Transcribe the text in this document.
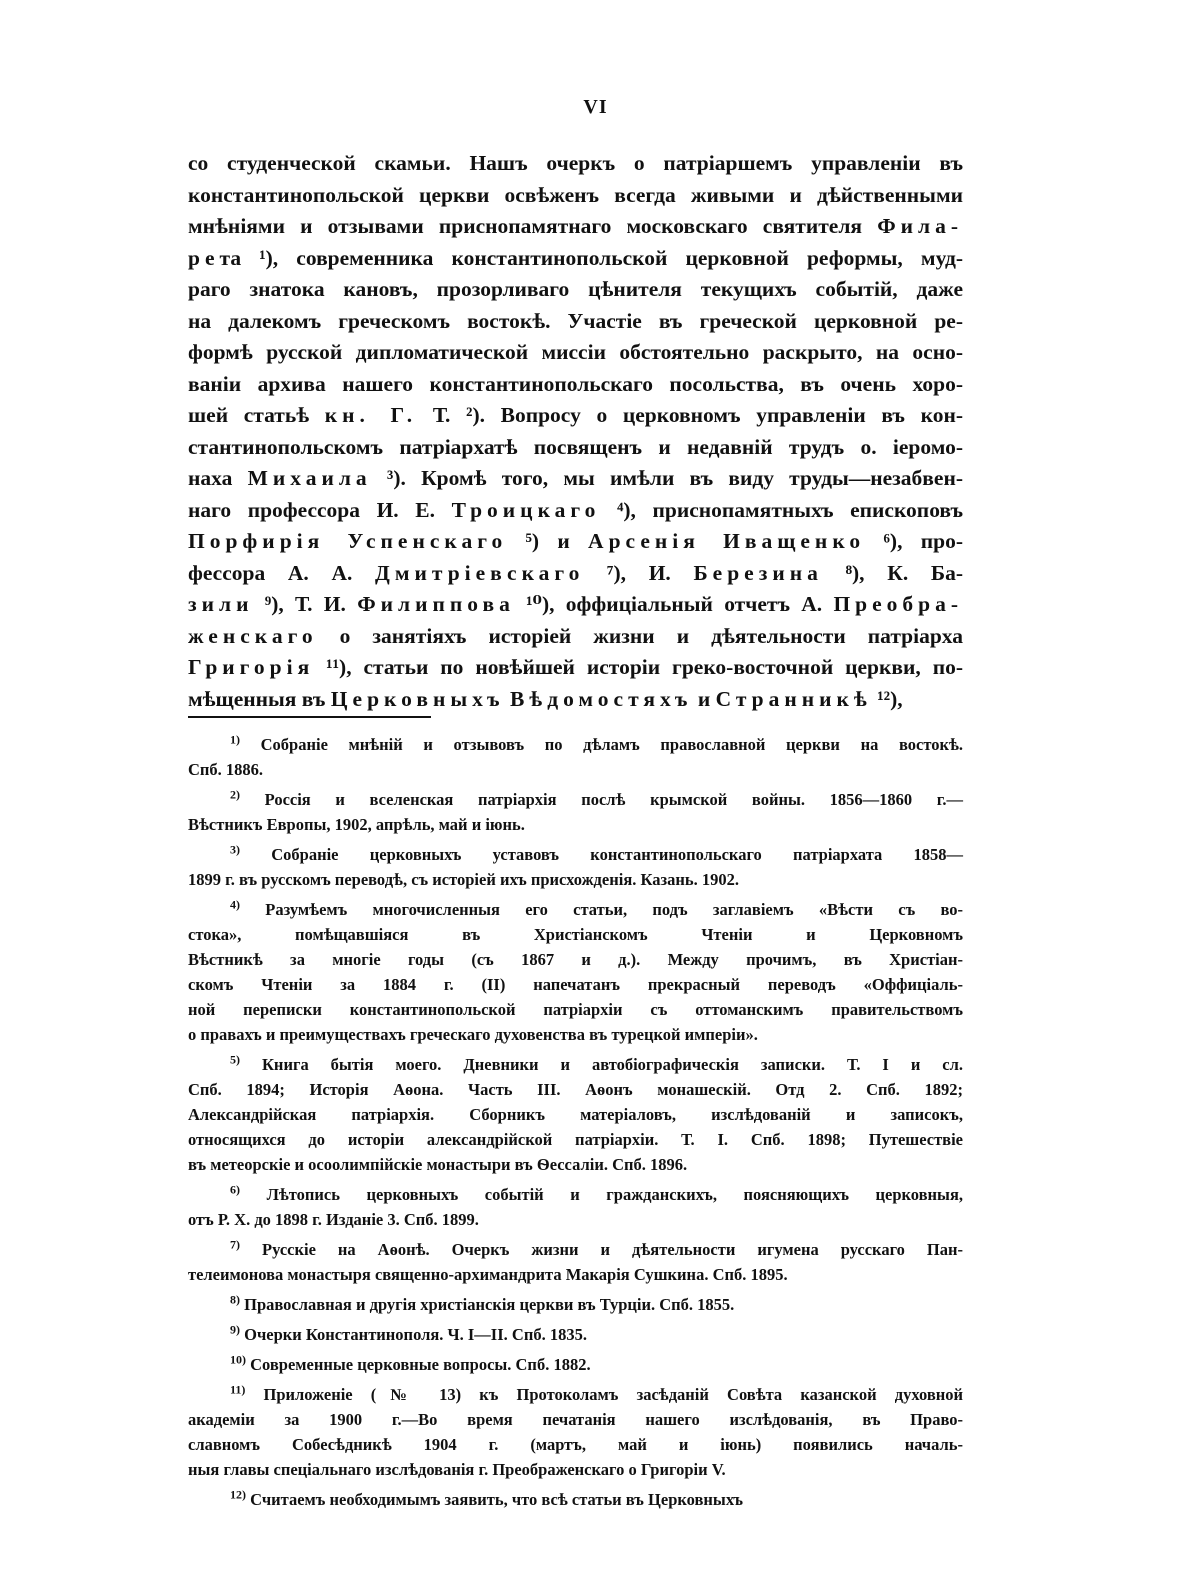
VI
со студенческой скамьи. Нашъ очеркъ о патріаршемъ управленіи въ
константинопольской церкви освѣженъ всегда живыми и дѣйственными
мнѣніями и отзывами приснопамятнаго московскаго святителя Фила-
рета ¹), современника константинопольской церковной реформы, муд-
раго знатока кановъ, прозорливаго цѣнителя текущихъ событій, даже
на далекомъ греческомъ востокѣ. Участіе въ греческой церковной ре-
формѣ русской дипломатической миссіи обстоятельно раскрыто, на осно-
ваніи архива нашего константинопольскаго посольства, въ очень хоро-
шей статьѣ кн. Г. Т. ²). Вопросу о церковномъ управленіи въ кон-
стантинопольскомъ патріархатѣ посвященъ и недавній трудъ о. іеромо-
наха Михаила ³). Кромѣ того, мы имѣли въ виду труды—незабвен-
наго профессора И. Е. Троицкаго ⁴), приснопамятныхъ епископовъ
Порфирія Успенскаго ⁵) и Арсенія Иващенко ⁶), про-
фессора А. А. Дмитріевскаго ⁷), И. Березина ⁸), К. Ба-
зили ⁹), Т. И. Филиппова ¹⁰), оффиціальный отчетъ А. Преобра-
женскаго о занятіяхъ исторіей жизни и дѣятельности патріарха
Григорія ¹¹), статьи по новѣйшей исторіи греко-восточной церкви, по-
мѣщенныя въ Церковныхъ Вѣдомостяхъ и Странникѣ ¹²),
$^{1)}$ Собраніе мнѣній и отзывовъ по дѣламъ православной церкви на востокѣ.
Спб. 1886.
$^{2)}$ Россія и вселенская патріархія послѣ крымской войны. 1856—1860 г.—
Вѣстникъ Европы, 1902, апрѣль, май и іюнь.
$^{3)}$ Собраніе церковныхъ уставовъ константинопольскаго патріархата 1858—
1899 г. въ русскомъ переводѣ, съ исторіей ихъ присхожденія. Казань. 1902.
$^{4)}$ Разумѣемъ многочисленныя его статьи, подъ заглавіемъ «Вѣсти съ во-
стока», помѣщавшіяся въ Христіанскомъ Чтеніи и Церковномъ
Вѣстникѣ за многіе годы (съ 1867 и д.). Между прочимъ, въ Христіан-
скомъ Чтеніи за 1884 г. (II) напечатанъ прекрасный переводъ «Оффиціаль-
ной переписки константинопольской патріархіи съ оттоманскимъ правительствомъ
о правахъ и преимуществахъ греческаго духовенства въ турецкой имперіи».
$^{5)}$ Книга бытія моего. Дневники и автобіографическія записки. Т. I и сл.
Спб. 1894; Исторія Аѳона. Часть III. Аѳонъ монашескій. Отд 2. Спб. 1892;
Александрійская патріархія. Сборникъ матеріаловъ, изслѣдованій и записокъ,
относящихся до исторіи александрійской патріархіи. Т. I. Спб. 1898; Путешествіе
въ метеорскіе и осоолимпійскіе монастыри въ Ѳессаліи. Спб. 1896.
$^{6)}$ Лѣтопись церковныхъ событій и гражданскихъ, поясняющихъ церковныя,
отъ Р. Х. до 1898 г. Изданіе 3. Спб. 1899.
$^{7)}$ Русскіе на Аѳонѣ. Очеркъ жизни и дѣятельности игумена русскаго Пан-
телеимонова монастыря священно-архимандрита Макарія Сушкина. Спб. 1895.
$^{8)}$ Православная и другія христіанскія церкви въ Турціи. Спб. 1855.
$^{9)}$ Очерки Константинополя. Ч. I—II. Спб. 1835.
$^{10)}$ Современные церковные вопросы. Спб. 1882.
$^{11)}$ Приложеніе (№ 13) къ Протоколамъ засѣданій Совѣта казанской духовной
академіи за 1900 г.—Во время печатанія нашего изслѣдованія, въ Право-
славномъ Собесѣдникѣ 1904 г. (мартъ, май и іюнь) появились началь-
ныя главы спеціальнаго изслѣдованія г. Преображенскаго о Григоріи V.
$^{12)}$ Считаемъ необходимымъ заявить, что всѣ статьи въ Церковныхъ
